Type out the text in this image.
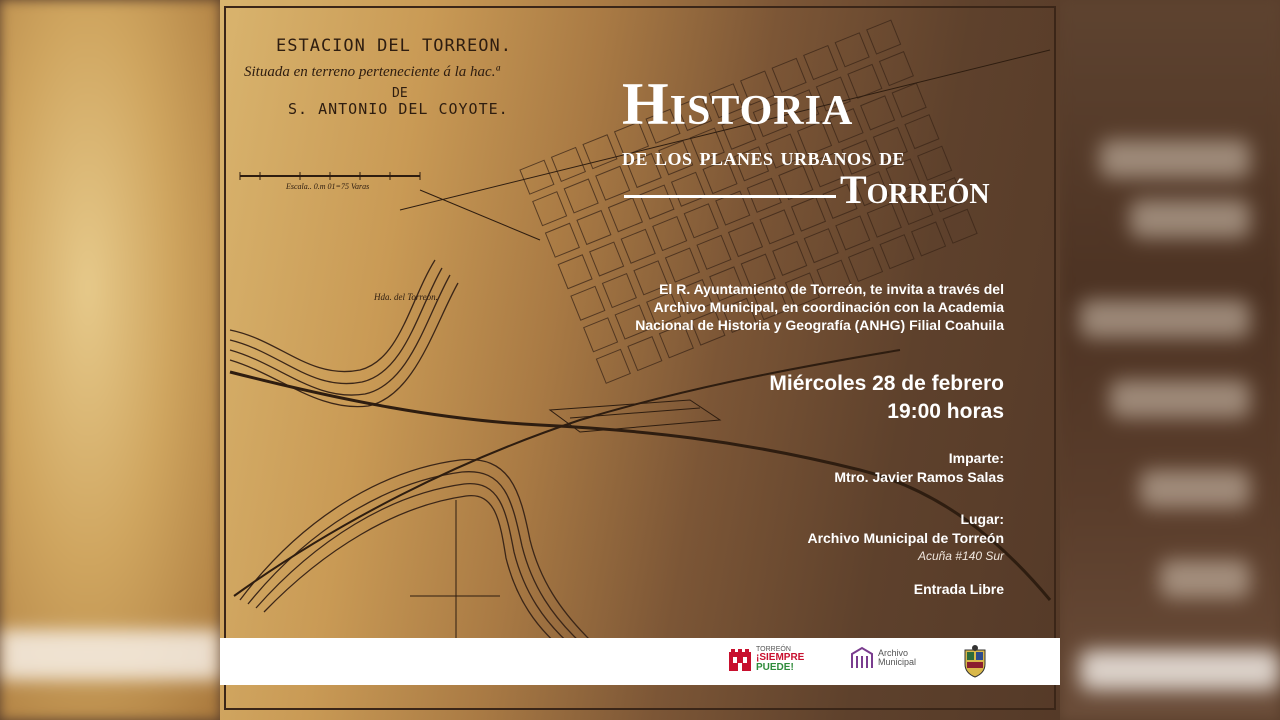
ESTACION DEL TORREON.
Situada en terreno perteneciente á la hac.ª
DE
S. ANTONIO DEL COYOTE.
Escala.. 0.m 01=75 Varas
Hda. del Torreon.
Historia
de los planes urbanos de
Torreón
El R. Ayuntamiento de Torreón, te invita a través del
Archivo Municipal, en coordinación con la Academia
Nacional de Historia y Geografía (ANHG) Filial Coahuila
Miércoles 28 de febrero
19:00 horas
Imparte:
Mtro. Javier Ramos Salas
Lugar:
Archivo Municipal de Torreón
Acuña #140 Sur
Entrada Libre
TORREÓN
¡SIEMPRE
PUEDE!
Archivo
Municipal
